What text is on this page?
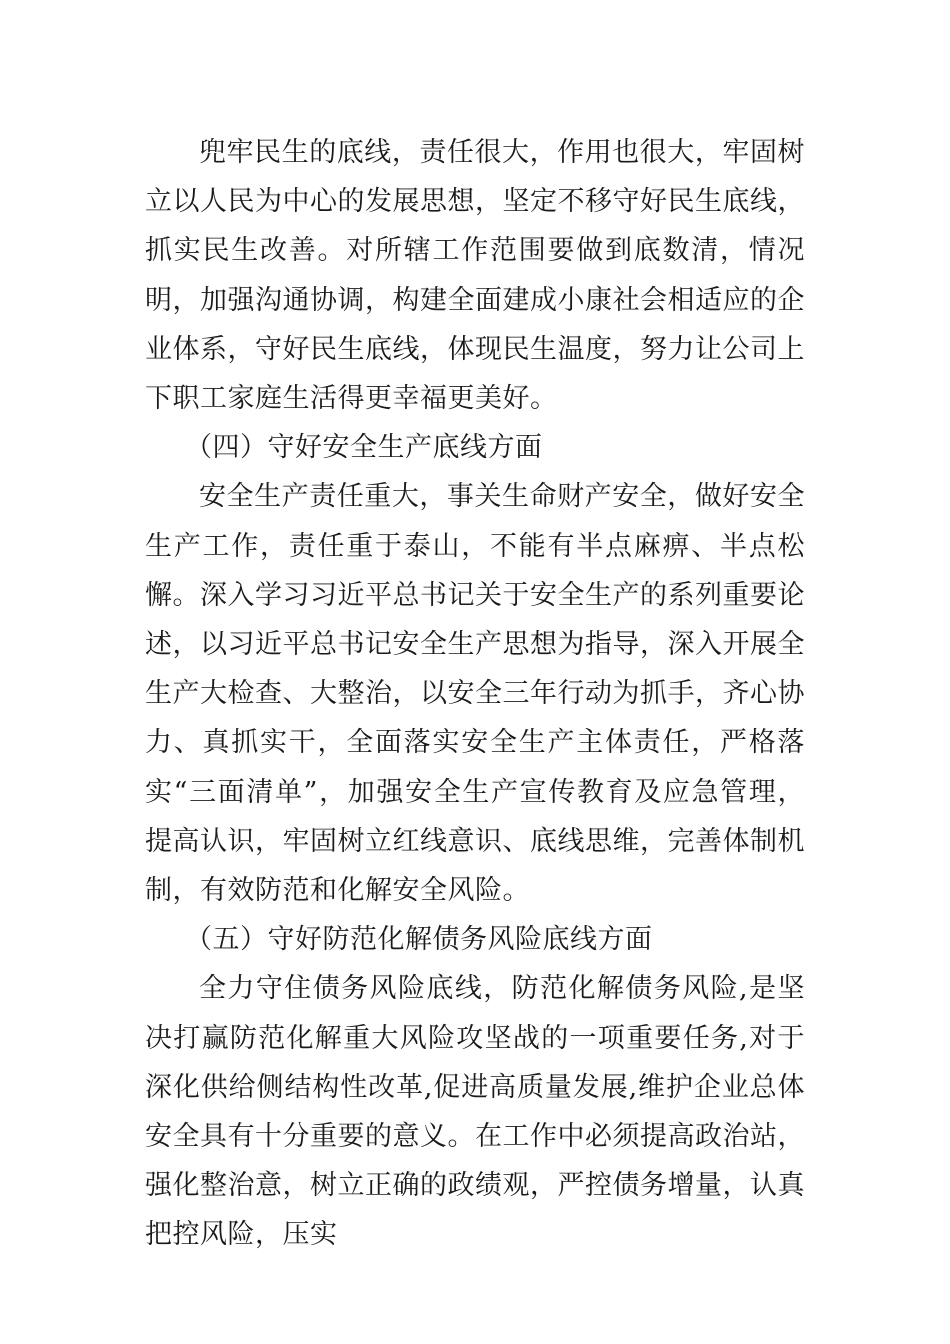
兜牢民生的底线，责任很大，作用也很大，牢固树立以人民为中心的发展思想，坚定不移守好民生底线，抓实民生改善。对所辖工作范围要做到底数清，情况明，加强沟通协调，构建全面建成小康社会相适应的企业体系，守好民生底线，体现民生温度，努力让公司上下职工家庭生活得更幸福更美好。

（四）守好安全生产底线方面

安全生产责任重大，事关生命财产安全，做好安全生产工作，责任重于泰山，不能有半点麻痹、半点松懈。深入学习习近平总书记关于安全生产的系列重要论述，以习近平总书记安全生产思想为指导，深入开展全生产大检查、大整治，以安全三年行动为抓手，齐心协力、真抓实干，全面落实安全生产主体责任，严格落实“三面清单”，加强安全生产宣传教育及应急管理，提高认识，牢固树立红线意识、底线思维，完善体制机制，有效防范和化解安全风险。

（五）守好防范化解债务风险底线方面

全力守住债务风险底线，防范化解债务风险,是坚决打赢防范化解重大风险攻坚战的一项重要任务,对于深化供给侧结构性改革,促进高质量发展,维护企业总体安全具有十分重要的意义。在工作中必须提高政治站，强化整治意，树立正确的政绩观，严控债务增量，认真把控风险，压实
